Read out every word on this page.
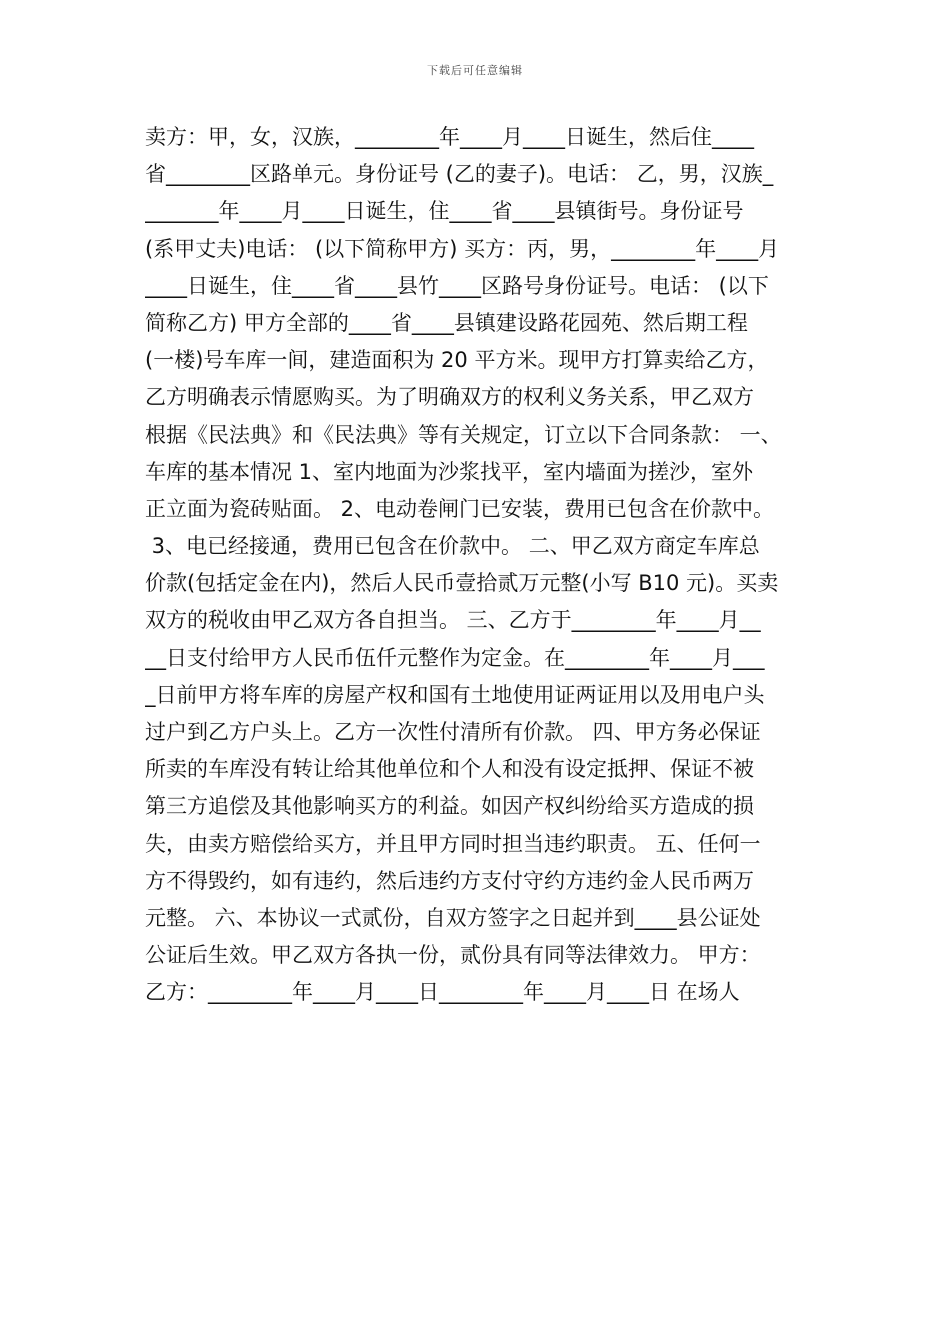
下载后可任意编辑
卖方：甲，女，汉族，________年____月____日诞生，然后住____
省________区路单元。身份证号 (乙的妻子)。电话： 乙，男，汉族_
_______年____月____日诞生，住____省____县镇街号。身份证号
(系甲丈夫)电话： (以下简称甲方) 买方：丙，男，________年____月
____日诞生，住____省____县竹____区路号身份证号。电话： (以下
简称乙方) 甲方全部的____省____县镇建设路花园苑、然后期工程
(一楼)号车库一间，建造面积为 20 平方米。现甲方打算卖给乙方，
乙方明确表示情愿购买。为了明确双方的权利义务关系，甲乙双方
根据《民法典》和《民法典》等有关规定，订立以下合同条款： 一、
车库的基本情况 1、室内地面为沙浆找平，室内墙面为搓沙，室外
正立面为瓷砖贴面。 2、电动卷闸门已安装，费用已包含在价款中。
3、电已经接通，费用已包含在价款中。 二、甲乙双方商定车库总
价款(包括定金在内)，然后人民币壹拾贰万元整(小写 B10 元)。买卖
双方的税收由甲乙双方各自担当。 三、乙方于________年____月__
__日支付给甲方人民币伍仟元整作为定金。在________年____月___
_日前甲方将车库的房屋产权和国有土地使用证两证用以及用电户头
过户到乙方户头上。乙方一次性付清所有价款。 四、甲方务必保证
所卖的车库没有转让给其他单位和个人和没有设定抵押、保证不被
第三方追偿及其他影响买方的利益。如因产权纠纷给买方造成的损
失，由卖方赔偿给买方，并且甲方同时担当违约职责。 五、任何一
方不得毁约，如有违约，然后违约方支付守约方违约金人民币两万
元整。 六、本协议一式贰份，自双方签字之日起并到____县公证处
公证后生效。甲乙双方各执一份，贰份具有同等法律效力。 甲方：
乙方：________年____月____日________年____月____日 在场人
